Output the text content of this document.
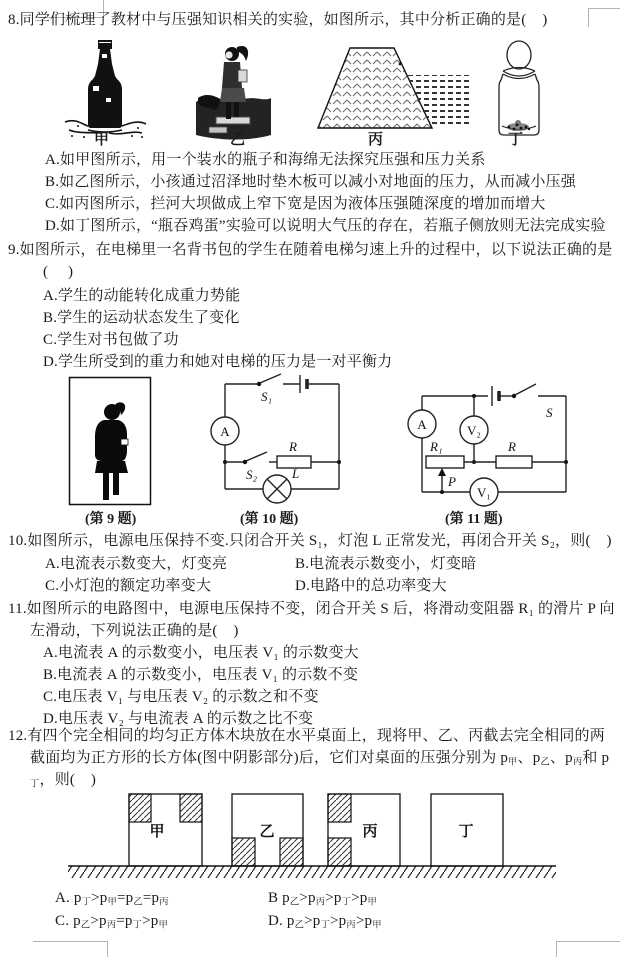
8.同学们梳理了教材中与压强知识相关的实验，如图所示，其中分析正确的是(    )
甲	乙	丙	丁
A.如甲图所示，用一个装水的瓶子和海绵无法探究压强和压力关系
B.如乙图所示，小孩通过沼泽地时垫木板可以减小对地面的压力，从而减小压强
C.如丙图所示，拦河大坝做成上窄下宽是因为液体压强随深度的增加而增大
D.如丁图所示，“瓶吞鸡蛋”实验可以说明大气压的存在，若瓶子侧放则无法完成实验
9.如图所示，在电梯里一名背书包的学生在随着电梯匀速上升的过程中，以下说法正确的是
(     )
A.学生的动能转化成重力势能
B.学生的运动状态发生了变化
C.学生对书包做了功
D.学生所受到的重力和她对电梯的压力是一对平衡力
A
S₁
S₂
R
L
A	V₂
V₁
R₁
P
R
S
(第 9 题)	(第 10 题)	(第 11 题)
10.如图所示，电源电压保持不变.只闭合开关 S₁，灯泡 L 正常发光，再闭合开关 S₂，则(    )
A.电流表示数变大，灯变亮	B.电流表示数变小，灯变暗
C.小灯泡的额定功率变大	D.电路中的总功率变大
11.如图所示的电路图中，电源电压保持不变，闭合开关 S 后，将滑动变阻器 R₁ 的滑片 P 向
左滑动，下列说法正确的是(    )
A.电流表 A 的示数变小，电压表 V₁ 的示数变大
B.电流表 A 的示数变小，电压表 V₁ 的示数不变
C.电压表 V₁ 与电压表 V₂ 的示数之和不变
D.电压表 V₂ 与电流表 A 的示数之比不变
12.有四个完全相同的均匀正方体木块放在水平桌面上，现将甲、乙、丙截去完全相同的两
截面均为正方形的长方体(图中阴影部分)后，它们对桌面的压强分别为 $p_甲$、$p_乙$、$p_丙$和 p
$_丁$，则(    )
甲	乙	丙	丁
A. $p_丁>p_甲=p_乙=p_丙$	B $p_乙>p_丙>p_丁>p_甲$
C. $p_乙>p_丙=p_丁>p_甲$	D. $p_乙>p_丁>p_丙>p_甲$
